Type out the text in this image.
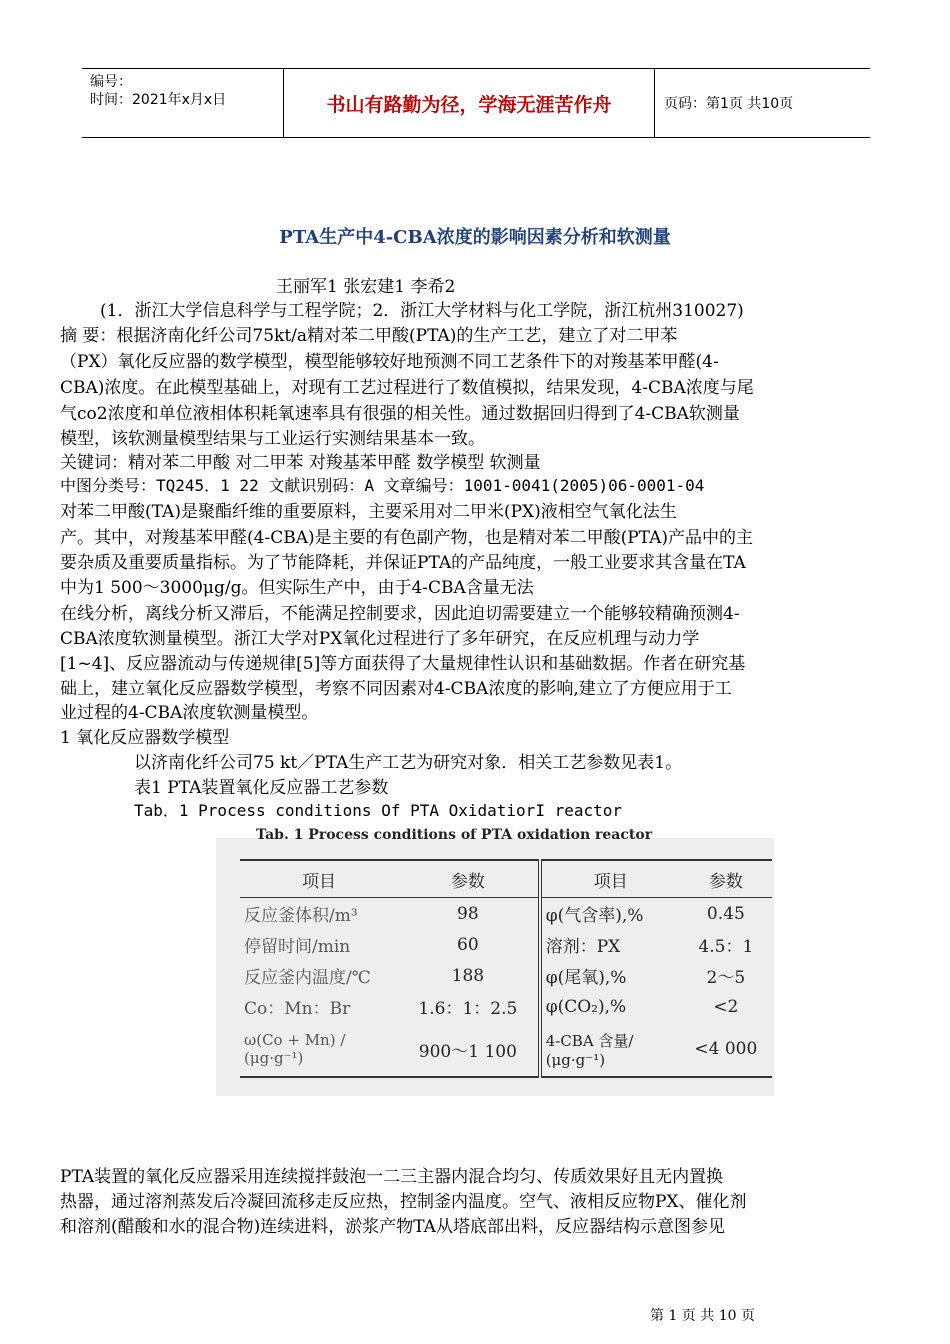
编号：
时间：2021年x月x日	书山有路勤为径，学海无涯苦作舟	页码：第1页 共10页
PTA生产中4-CBA浓度的影响因素分析和软测量
王丽军1 张宏建1 李希2
(1．浙江大学信息科学与工程学院；2．浙江大学材料与化工学院，浙江杭州310027)
摘 要：根据济南化纤公司75kt/a精对苯二甲酸(PTA)的生产工艺，建立了对二甲苯
（PX）氧化反应器的数学模型，模型能够较好地预测不同工艺条件下的对羧基苯甲醛(4-
CBA)浓度。在此模型基础上，对现有工艺过程进行了数值模拟，结果发现，4-CBA浓度与尾
气co2浓度和单位液相体积耗氧速率具有很强的相关性。通过数据回归得到了4-CBA软测量
模型，该软测量模型结果与工业运行实测结果基本一致。
关键词：精对苯二甲酸 对二甲苯 对羧基苯甲醛 数学模型 软测量
中图分类号：TQ245．1 22 文献识别码：A 文章编号：1001-0041(2005)06-0001-04
对苯二甲酸(TA)是聚酯纤维的重要原料，主要采用对二甲米(PX)液相空气氧化法生
产。其中，对羧基苯甲醛(4-CBA)是主要的有色副产物，也是精对苯二甲酸(PTA)产品中的主
要杂质及重要质量指标。为了节能降耗，并保证PTA的产品纯度，一般工业要求其含量在TA
中为1 500～3000μg/g。但实际生产中，由于4-CBA含量无法
在线分析，离线分析又滞后，不能满足控制要求，因此迫切需要建立一个能够较精确预测4-
CBA浓度软测量模型。浙江大学对PX氧化过程进行了多年研究，在反应机理与动力学
[1~4]、反应器流动与传递规律[5]等方面获得了大量规律性认识和基础数据。作者在研究基
础上，建立氧化反应器数学模型，考察不同因素对4-CBA浓度的影响,建立了方便应用于工
业过程的4-CBA浓度软测量模型。
1 氧化反应器数学模型
以济南化纤公司75 kt／PTA生产工艺为研究对象．相关工艺参数见表1。
表1 PTA装置氧化反应器工艺参数
Tab．1 Process conditions Of PTA OxidatiorI reactor
Tab. 1 Process conditions of PTA oxidation reactor
项目	参数	项目	参数
反应釜体积/m³	98	φ(气含率),%	0.45
停留时间/min	60	溶剂：PX	4.5：1
反应釜内温度/℃	188	φ(尾氧),%	2～5
Co：Mn：Br	1.6：1：2.5	φ(CO₂),%	<2
ω(Co + Mn) / (μg·g⁻¹)	900～1 100	4-CBA 含量/ (μg·g⁻¹)	<4 000
PTA装置的氧化反应器采用连续搅拌鼓泡一二三主器内混合均匀、传质效果好且无内置换
热器，通过溶剂蒸发后冷凝回流移走反应热，控制釜内温度。空气、液相反应物PX、催化剂
和溶剂(醋酸和水的混合物)连续进料，淤浆产物TA从塔底部出料，反应器结构示意图参见
第 1 页 共 10 页
